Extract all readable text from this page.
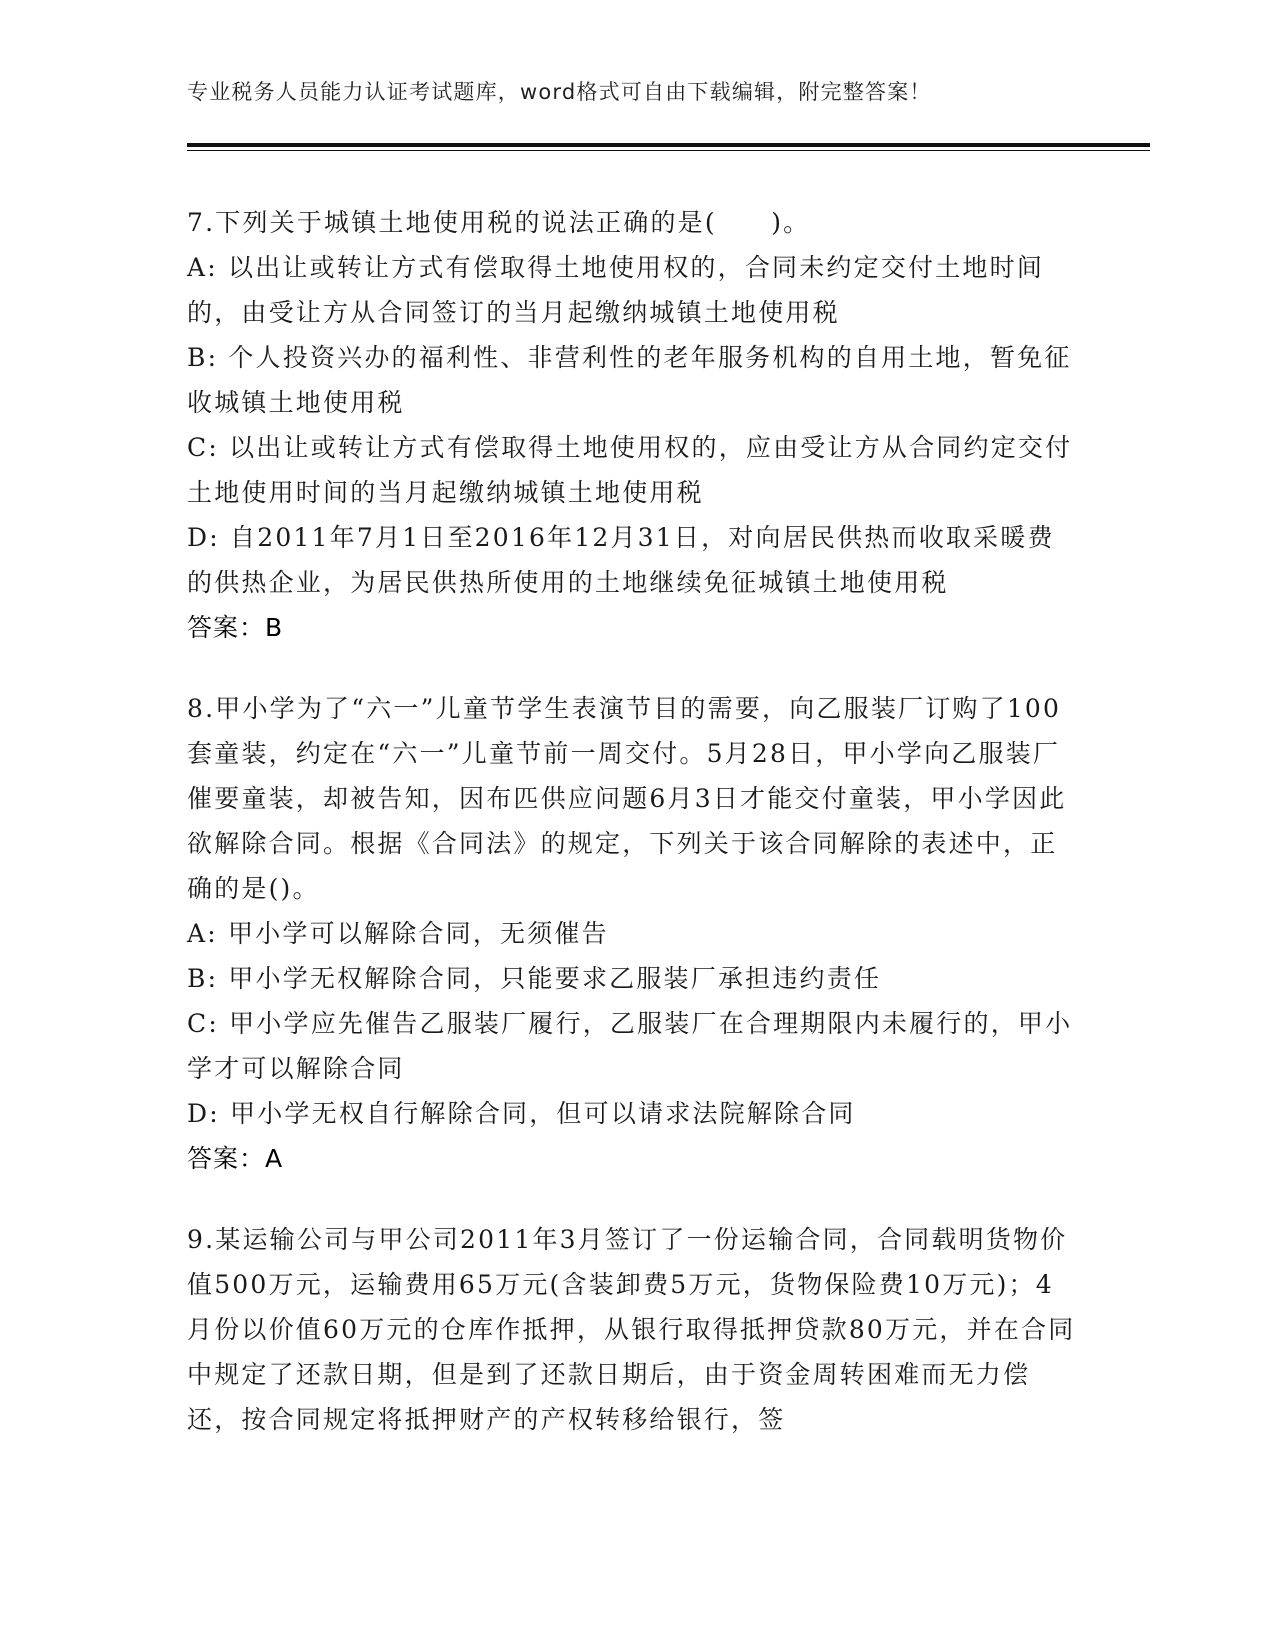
专业税务人员能力认证考试题库，word格式可自由下载编辑，附完整答案！

7.下列关于城镇土地使用税的说法正确的是(　　)。

A: 以出让或转让方式有偿取得土地使用权的，合同未约定交付土地时间的，由受让方从合同签订的当月起缴纳城镇土地使用税

B: 个人投资兴办的福利性、非营利性的老年服务机构的自用土地，暂免征收城镇土地使用税

C: 以出让或转让方式有偿取得土地使用权的，应由受让方从合同约定交付土地使用时间的当月起缴纳城镇土地使用税

D: 自2011年7月1日至2016年12月31日，对向居民供热而收取采暖费的供热企业，为居民供热所使用的土地继续免征城镇土地使用税

答案：B

8.甲小学为了“六一”儿童节学生表演节目的需要，向乙服装厂订购了100套童装，约定在“六一”儿童节前一周交付。5月28日，甲小学向乙服装厂催要童装，却被告知，因布匹供应问题6月3日才能交付童装，甲小学因此欲解除合同。根据《合同法》的规定，下列关于该合同解除的表述中，正确的是()。

A: 甲小学可以解除合同，无须催告

B: 甲小学无权解除合同，只能要求乙服装厂承担违约责任

C: 甲小学应先催告乙服装厂履行，乙服装厂在合理期限内未履行的，甲小学才可以解除合同

D: 甲小学无权自行解除合同，但可以请求法院解除合同

答案：A

9.某运输公司与甲公司2011年3月签订了一份运输合同，合同载明货物价值500万元，运输费用65万元(含装卸费5万元，货物保险费10万元)；4月份以价值60万元的仓库作抵押，从银行取得抵押贷款80万元，并在合同中规定了还款日期，但是到了还款日期后，由于资金周转困难而无力偿还，按合同规定将抵押财产的产权转移给银行，签
